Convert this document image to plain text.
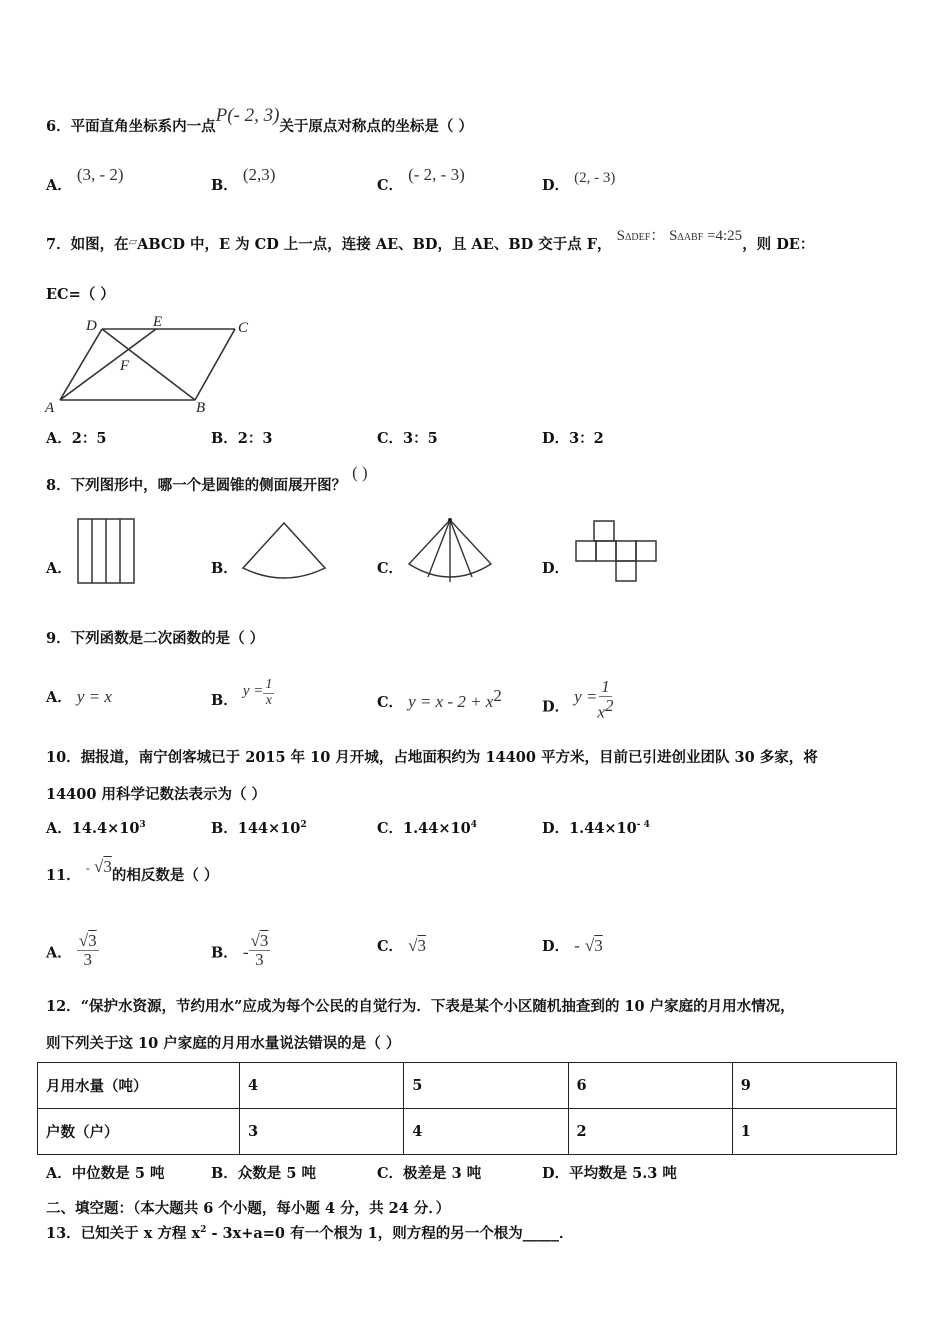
6．平面直角坐标系内一点P(- 2, 3)关于原点对称点的坐标是（ ）
A． (3, - 2)
B． (2,3)
C． (- 2, - 3)
D． (2, - 3)
7．如图，在▱ABCD 中，E 为 CD 上一点，连接 AE、BD，且 AE、BD 交于点 F， SΔDEF： SΔABF =4:25，则 DE：
EC=（ ）
A	B
C
D	E
F
A．2：5	B．2：3	C．3：5	D．3：2
8．下列图形中，哪一个是圆锥的侧面展开图？( )
A．	B．	C．	D．
9．下列函数是二次函数的是（ ）
A． y = x	B． $y = \frac{1}{x}$	C． $y = x - 2 + x^2$
D． $y = \frac{1}{x^2}$
10．据报道，南宁创客城已于 2015 年 10 月开城，占地面积约为 14400 平方米，目前已引进创业团队 30 多家，将
14400 用科学记数法表示为（ ）
A．$14.4\times 10^3$	B．$144\times 10^2$	C．$1.44\times 10^4$	D．$1.44\times 10^{- 4}$
11． - √3的相反数是（ ）
A． $\frac{√3}{3}$	B． - $\frac{√3}{3}$	C． √3	D． - √3
12．“保护水资源，节约用水”应成为每个公民的自觉行为．下表是某个小区随机抽查到的 10 户家庭的月用水情况，
则下列关于这 10 户家庭的月用水量说法错误的是（ ）
月用水量（吨）	4	5	6	9
户数（户）	3	4	2	1
A．中位数是 5 吨	B．众数是 5 吨	C．极差是 3 吨	D．平均数是 5.3 吨
二、填空题：（本大题共 6 个小题，每小题 4 分，共 24 分．）
13．已知关于 x 方程 $x^2 - 3x+a=0$ 有一个根为 1，则方程的另一个根为_____．
